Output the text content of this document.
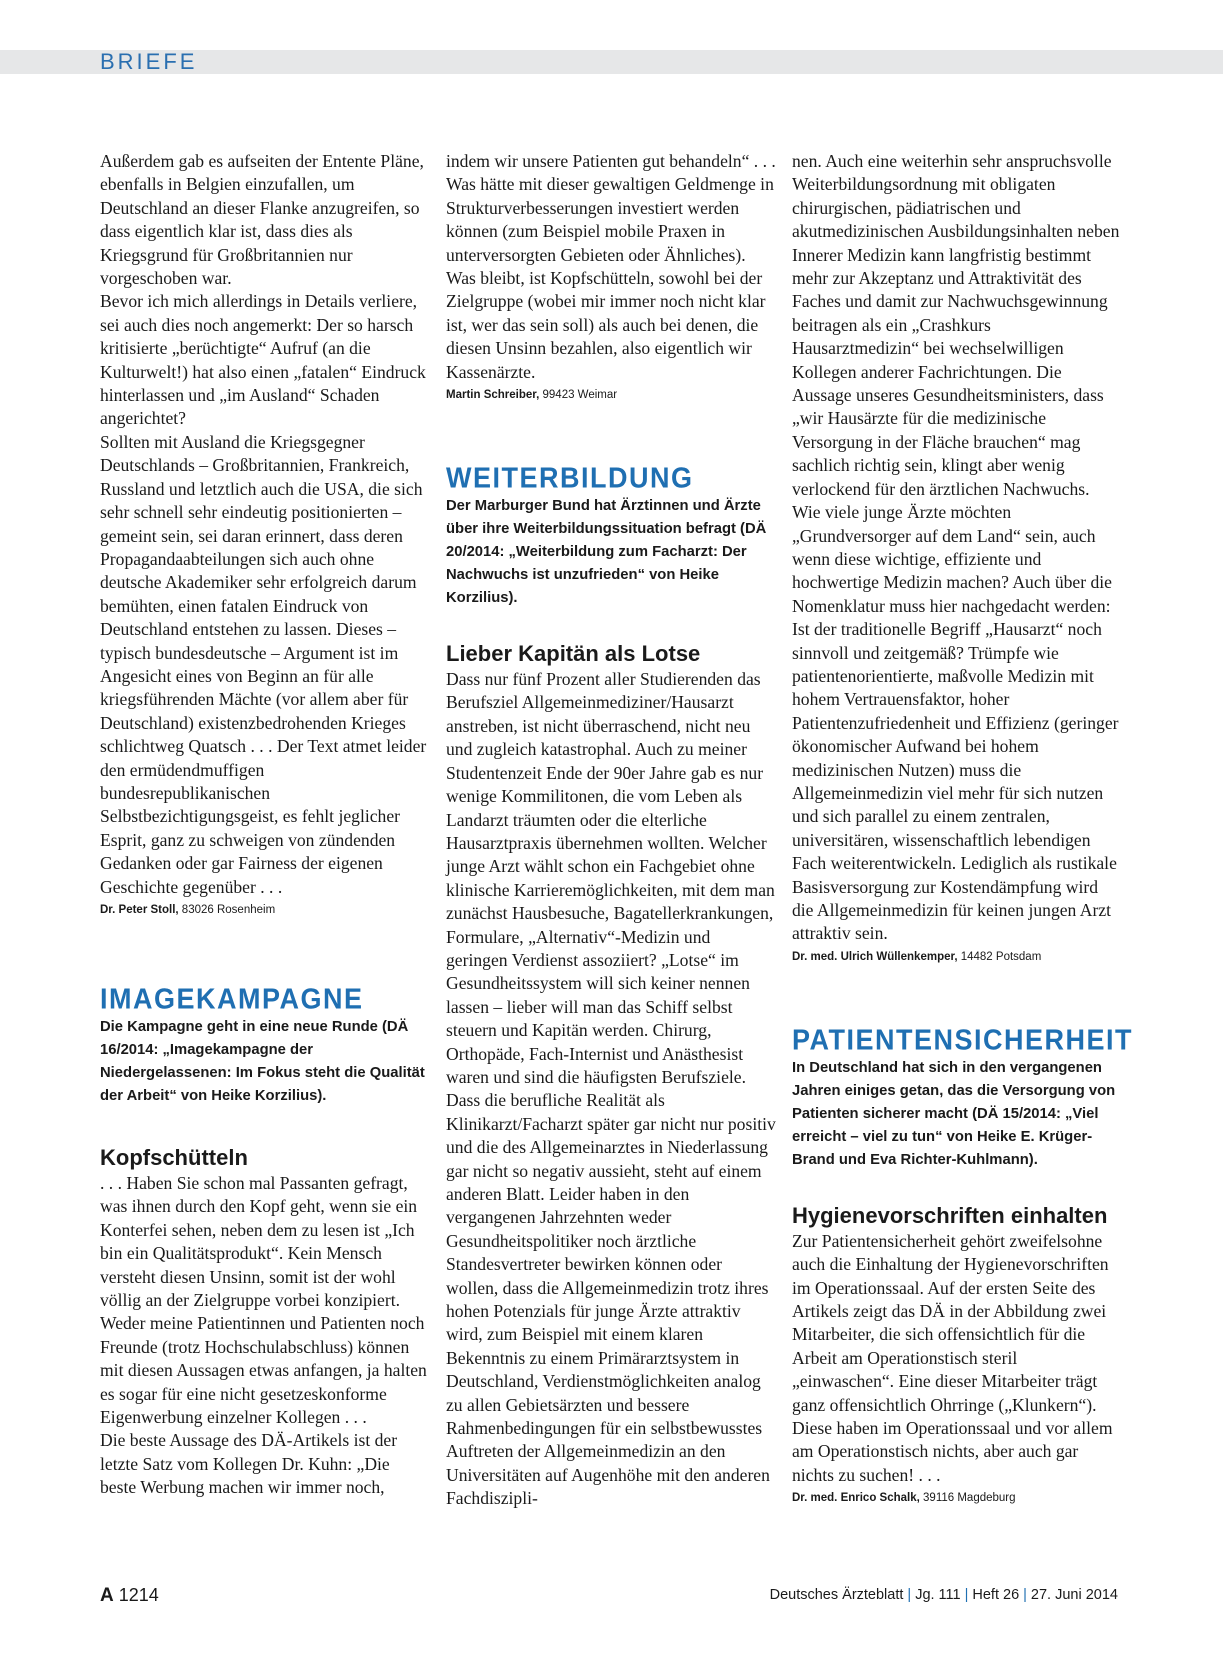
BRIEFE

Außerdem gab es aufseiten der Entente Pläne, ebenfalls in Belgien einzufallen, um Deutschland an dieser Flanke anzugreifen, so dass eigentlich klar ist, dass dies als Kriegsgrund für Großbritannien nur vorgeschoben war.

Bevor ich mich allerdings in Details verliere, sei auch dies noch angemerkt: Der so harsch kritisierte „berüchtigte“ Aufruf (an die Kulturwelt!) hat also einen „fatalen“ Eindruck hinterlassen und „im Ausland“ Schaden angerichtet?

Sollten mit Ausland die Kriegsgegner Deutschlands – Großbritannien, Frankreich, Russland und letztlich auch die USA, die sich sehr schnell sehr eindeutig positionierten – gemeint sein, sei daran erinnert, dass deren Propagandaabteilungen sich auch ohne deutsche Akademiker sehr erfolgreich darum bemühten, einen fatalen Eindruck von Deutschland entstehen zu lassen. Dieses – typisch bundesdeutsche – Argument ist im Angesicht eines von Beginn an für alle kriegsführenden Mächte (vor allem aber für Deutschland) existenzbedrohenden Krieges schlichtweg Quatsch . . . Der Text atmet leider den ermüdendmuffigen bundesrepublikanischen Selbstbezichtigungsgeist, es fehlt jeglicher Esprit, ganz zu schweigen von zündenden Gedanken oder gar Fairness der eigenen Geschichte gegenüber . . .

Dr. Peter Stoll, 83026 Rosenheim

IMAGEKAMPAGNE

Die Kampagne geht in eine neue Runde (DÄ 16/2014: „Imagekampagne der Niedergelassenen: Im Fokus steht die Qualität der Arbeit“ von Heike Korzilius).

Kopfschütteln

. . . Haben Sie schon mal Passanten gefragt, was ihnen durch den Kopf geht, wenn sie ein Konterfei sehen, neben dem zu lesen ist „Ich bin ein Qualitätsprodukt“. Kein Mensch versteht diesen Unsinn, somit ist der wohl völlig an der Zielgruppe vorbei konzipiert.

Weder meine Patientinnen und Patienten noch Freunde (trotz Hochschulabschluss) können mit diesen Aussagen etwas anfangen, ja halten es sogar für eine nicht gesetzeskonforme Eigenwerbung einzelner Kollegen . . .

Die beste Aussage des DÄ-Artikels ist der letzte Satz vom Kollegen Dr. Kuhn: „Die beste Werbung machen wir immer noch,

indem wir unsere Patienten gut behandeln“ . . . Was hätte mit dieser gewaltigen Geldmenge in Strukturverbesserungen investiert werden können (zum Beispiel mobile Praxen in unterversorgten Gebieten oder Ähnliches). Was bleibt, ist Kopfschütteln, sowohl bei der Zielgruppe (wobei mir immer noch nicht klar ist, wer das sein soll) als auch bei denen, die diesen Unsinn bezahlen, also eigentlich wir Kassenärzte.

Martin Schreiber, 99423 Weimar

WEITERBILDUNG

Der Marburger Bund hat Ärztinnen und Ärzte über ihre Weiterbildungssituation befragt (DÄ 20/2014: „Weiterbildung zum Facharzt: Der Nachwuchs ist unzufrieden“ von Heike Korzilius).

Lieber Kapitän als Lotse

Dass nur fünf Prozent aller Studierenden das Berufsziel Allgemeinmediziner/Hausarzt anstreben, ist nicht überraschend, nicht neu und zugleich katastrophal. Auch zu meiner Studentenzeit Ende der 90er Jahre gab es nur wenige Kommilitonen, die vom Leben als Landarzt träumten oder die elterliche Hausarztpraxis übernehmen wollten. Welcher junge Arzt wählt schon ein Fachgebiet ohne klinische Karrieremöglichkeiten, mit dem man zunächst Hausbesuche, Bagatellerkrankungen, Formulare, „Alternativ“-Medizin und geringen Verdienst assoziiert? „Lotse“ im Gesundheitssystem will sich keiner nennen lassen – lieber will man das Schiff selbst steuern und Kapitän werden. Chirurg, Orthopäde, Fach-Internist und Anästhesist waren und sind die häufigsten Berufsziele. Dass die berufliche Realität als Klinikarzt/Facharzt später gar nicht nur positiv und die des Allgemeinarztes in Niederlassung gar nicht so negativ aussieht, steht auf einem anderen Blatt. Leider haben in den vergangenen Jahrzehnten weder Gesundheitspolitiker noch ärztliche Standesvertreter bewirken können oder wollen, dass die Allgemeinmedizin trotz ihres hohen Potenzials für junge Ärzte attraktiv wird, zum Beispiel mit einem klaren Bekenntnis zu einem Primärarztsystem in Deutschland, Verdienstmöglichkeiten analog zu allen Gebietsärzten und bessere Rahmenbedingungen für ein selbstbewusstes Auftreten der Allgemeinmedizin an den Universitäten auf Augenhöhe mit den anderen Fachdiszipli-

nen. Auch eine weiterhin sehr anspruchsvolle Weiterbildungsordnung mit obligaten chirurgischen, pädiatrischen und akutmedizinischen Ausbildungsinhalten neben Innerer Medizin kann langfristig bestimmt mehr zur Akzeptanz und Attraktivität des Faches und damit zur Nachwuchsgewinnung beitragen als ein „Crashkurs Hausarztmedizin“ bei wechselwilligen Kollegen anderer Fachrichtungen. Die Aussage unseres Gesundheitsministers, dass „wir Hausärzte für die medizinische Versorgung in der Fläche brauchen“ mag sachlich richtig sein, klingt aber wenig verlockend für den ärztlichen Nachwuchs. Wie viele junge Ärzte möchten „Grundversorger auf dem Land“ sein, auch wenn diese wichtige, effiziente und hochwertige Medizin machen? Auch über die Nomenklatur muss hier nachgedacht werden: Ist der traditionelle Begriff „Hausarzt“ noch sinnvoll und zeitgemäß? Trümpfe wie patientenorientierte, maßvolle Medizin mit hohem Vertrauensfaktor, hoher Patientenzufriedenheit und Effizienz (geringer ökonomischer Aufwand bei hohem medizinischen Nutzen) muss die Allgemeinmedizin viel mehr für sich nutzen und sich parallel zu einem zentralen, universitären, wissenschaftlich lebendigen Fach weiterentwickeln. Lediglich als rustikale Basisversorgung zur Kostendämpfung wird die Allgemeinmedizin für keinen jungen Arzt attraktiv sein.

Dr. med. Ulrich Wüllenkemper, 14482 Potsdam

PATIENTENSICHERHEIT

In Deutschland hat sich in den vergangenen Jahren einiges getan, das die Versorgung von Patienten sicherer macht (DÄ 15/2014: „Viel erreicht – viel zu tun“ von Heike E. Krüger-Brand und Eva Richter-Kuhlmann).

Hygienevorschriften einhalten

Zur Patientensicherheit gehört zweifelsohne auch die Einhaltung der Hygienevorschriften im Operationssaal. Auf der ersten Seite des Artikels zeigt das DÄ in der Abbildung zwei Mitarbeiter, die sich offensichtlich für die Arbeit am Operationstisch steril „einwaschen“. Eine dieser Mitarbeiter trägt ganz offensichtlich Ohrringe („Klunkern“). Diese haben im Operationssaal und vor allem am Operationstisch nichts, aber auch gar nichts zu suchen! . . .

Dr. med. Enrico Schalk, 39116 Magdeburg

A 1214	Deutsches Ärzteblatt | Jg. 111 | Heft 26 | 27. Juni 2014
